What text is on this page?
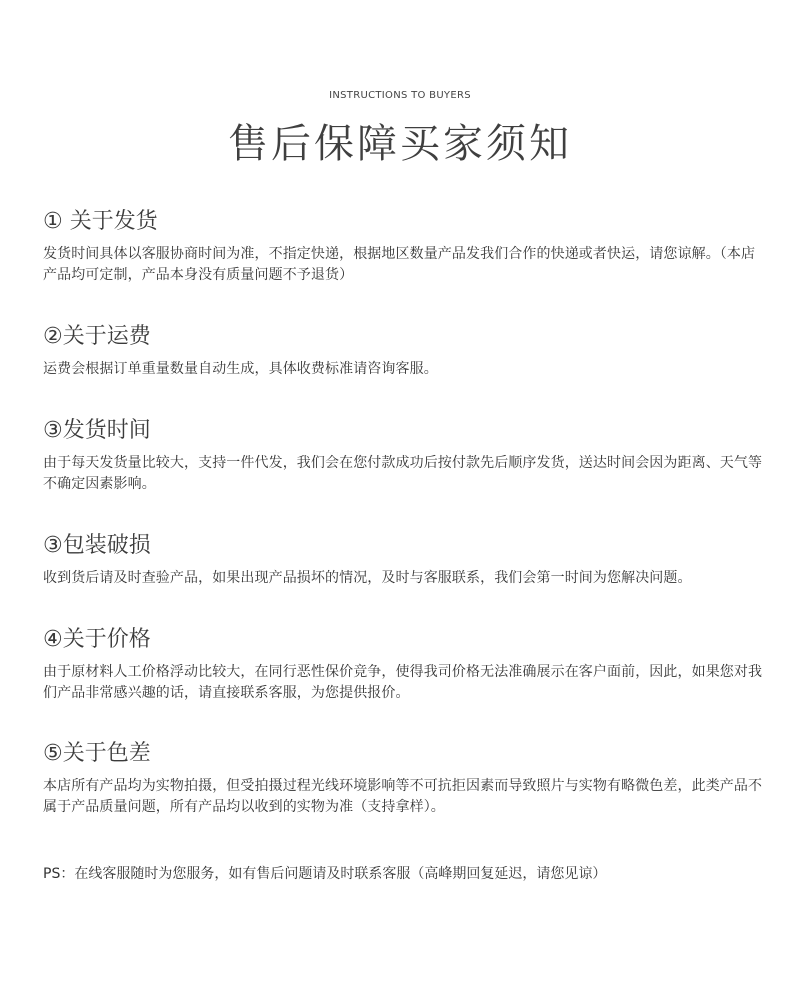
INSTRUCTIONS TO BUYERS
售后保障买家须知
① 关于发货

发货时间具体以客服协商时间为准，不指定快递，根据地区数量产品发我们合作的快递或者快运，请您谅解。（本店产品均可定制，产品本身没有质量问题不予退货）

②关于运费

运费会根据订单重量数量自动生成，具体收费标准请咨询客服。

③发货时间

由于每天发货量比较大，支持一件代发，我们会在您付款成功后按付款先后顺序发货，送达时间会因为距离、天气等不确定因素影响。

③包装破损

收到货后请及时查验产品，如果出现产品损坏的情况，及时与客服联系，我们会第一时间为您解决问题。

④关于价格

由于原材料人工价格浮动比较大，在同行恶性保价竞争，使得我司价格无法准确展示在客户面前，因此，如果您对我们产品非常感兴趣的话，请直接联系客服，为您提供报价。

⑤关于色差

本店所有产品均为实物拍摄，但受拍摄过程光线环境影响等不可抗拒因素而导致照片与实物有略微色差，此类产品不属于产品质量问题，所有产品均以收到的实物为准（支持拿样）。

PS：在线客服随时为您服务，如有售后问题请及时联系客服（高峰期回复延迟，请您见谅）
